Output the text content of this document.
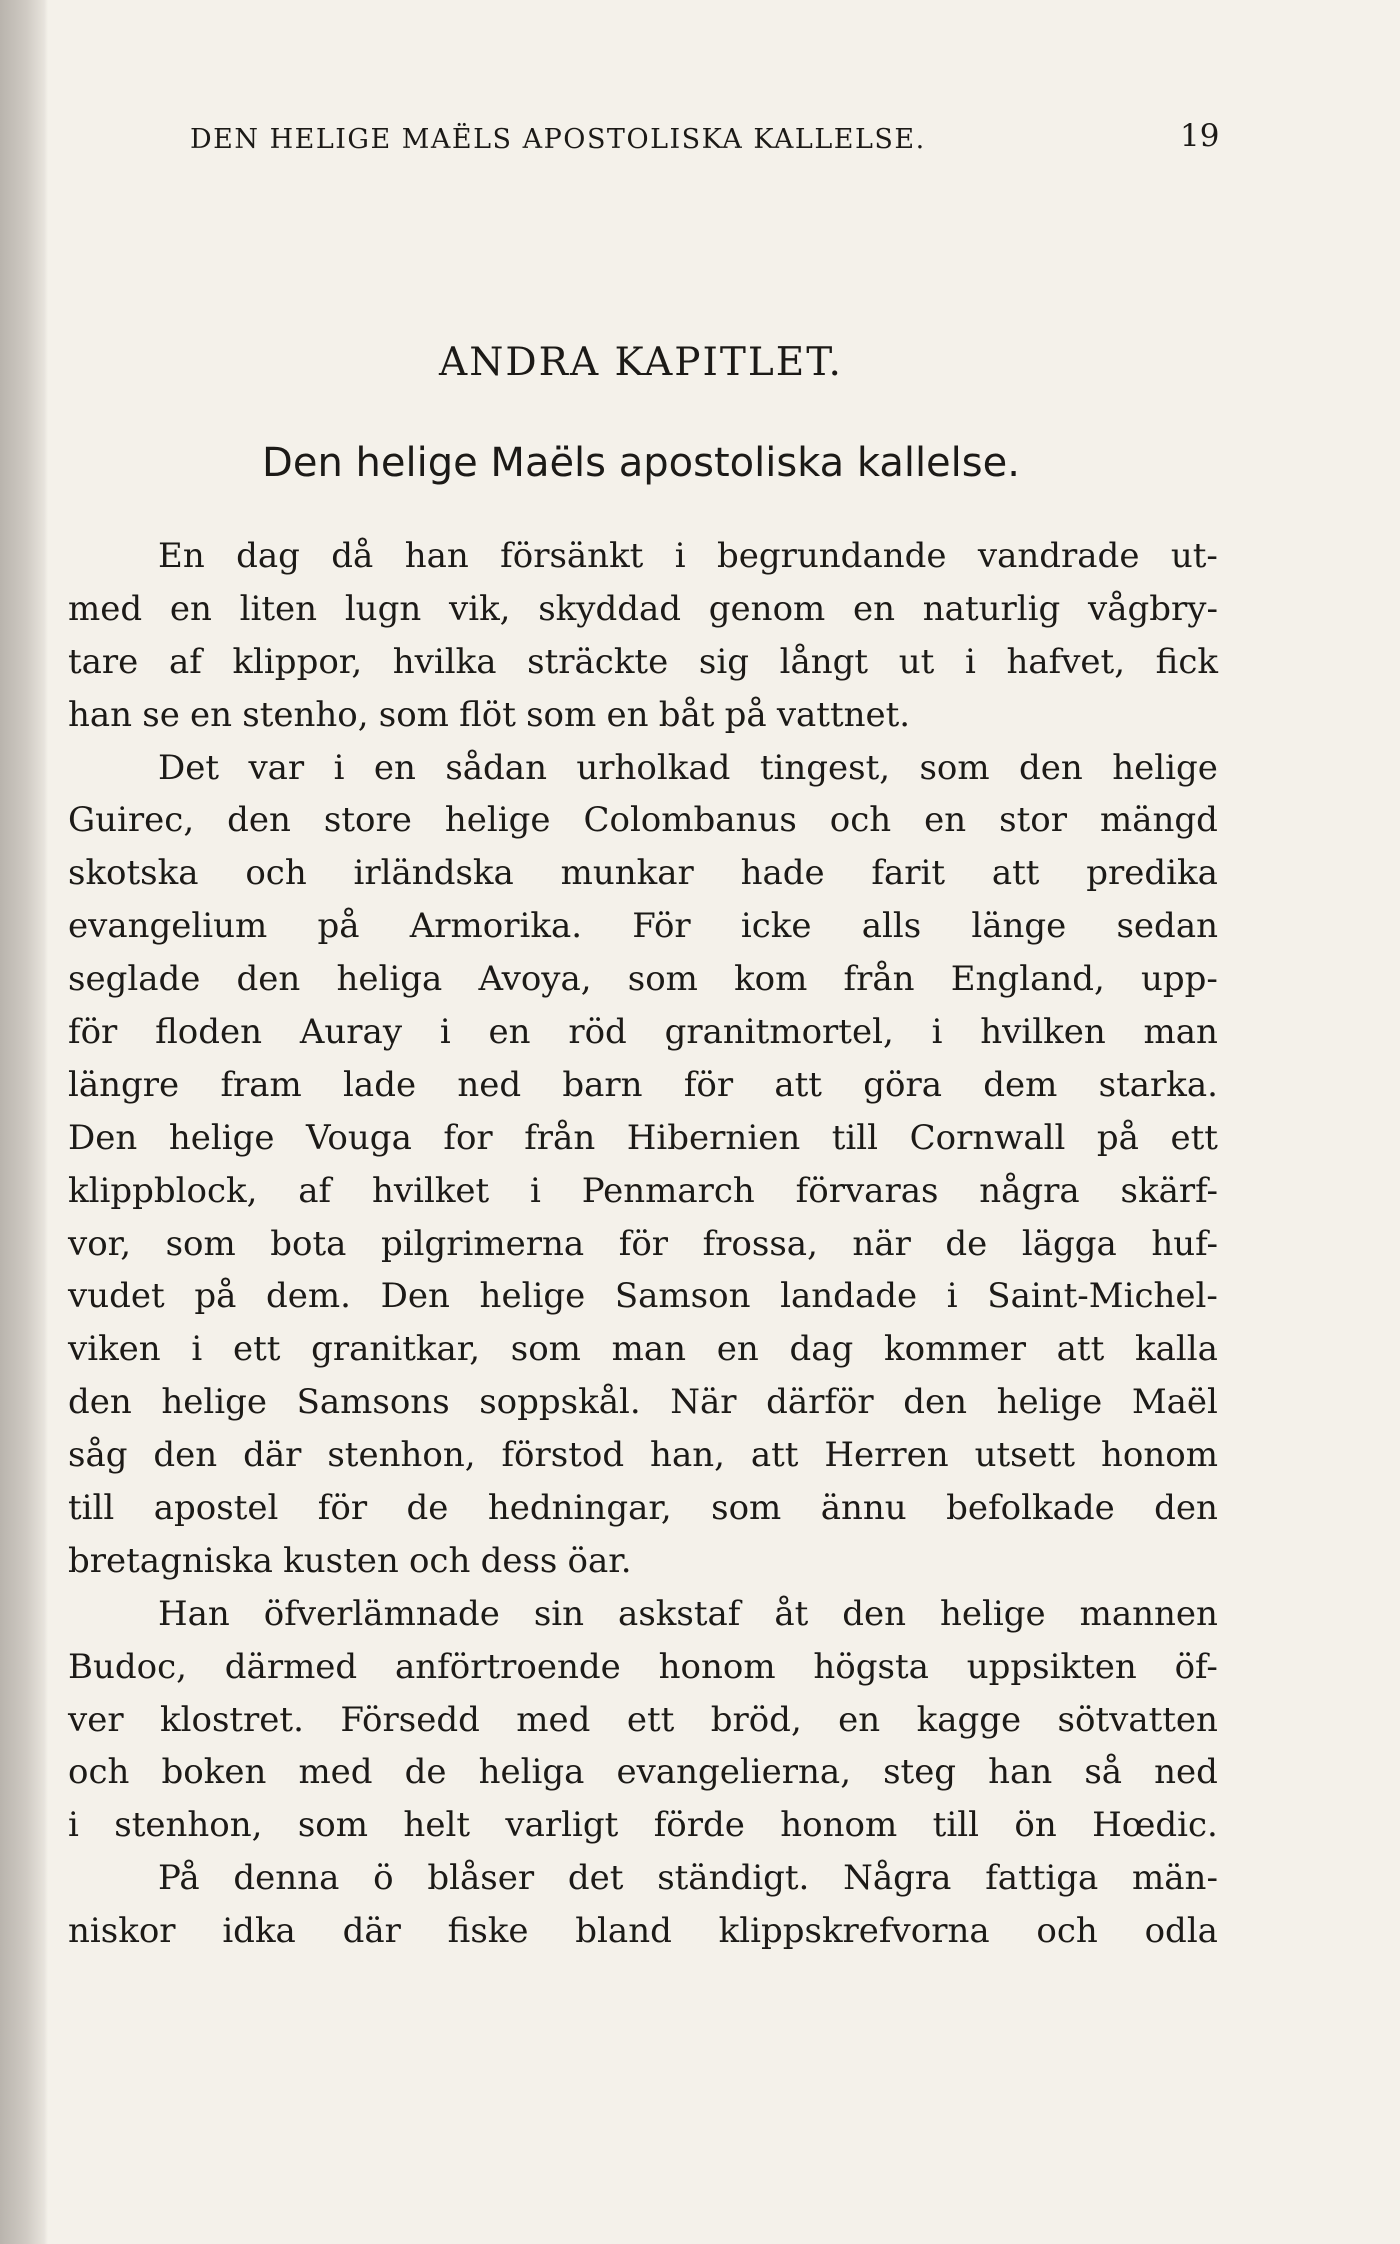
DEN HELIGE MAËLS APOSTOLISKA KALLELSE.	19
ANDRA KAPITLET.
Den helige Maëls apostoliska kallelse.
En dag då han försänkt i begrundande vandrade ut-
med en liten lugn vik, skyddad genom en naturlig vågbry-
tare af klippor, hvilka sträckte sig långt ut i hafvet, fick
han se en stenho, som flöt som en båt på vattnet.
Det var i en sådan urholkad tingest, som den helige
Guirec, den store helige Colombanus och en stor mängd
skotska och irländska munkar hade farit att predika
evangelium på Armorika. För icke alls länge sedan
seglade den heliga Avoya, som kom från England, upp-
för floden Auray i en röd granitmortel, i hvilken man
längre fram lade ned barn för att göra dem starka.
Den helige Vouga for från Hibernien till Cornwall på ett
klippblock, af hvilket i Penmarch förvaras några skärf-
vor, som bota pilgrimerna för frossa, när de lägga huf-
vudet på dem. Den helige Samson landade i Saint-Michel-
viken i ett granitkar, som man en dag kommer att kalla
den helige Samsons soppskål. När därför den helige Maël
såg den där stenhon, förstod han, att Herren utsett honom
till apostel för de hedningar, som ännu befolkade den
bretagniska kusten och dess öar.
Han öfverlämnade sin askstaf åt den helige mannen
Budoc, därmed anförtroende honom högsta uppsikten öf-
ver klostret. Försedd med ett bröd, en kagge sötvatten
och boken med de heliga evangelierna, steg han så ned
i stenhon, som helt varligt förde honom till ön Hœdic.
På denna ö blåser det ständigt. Några fattiga män-
niskor idka där fiske bland klippskrefvorna och odla
